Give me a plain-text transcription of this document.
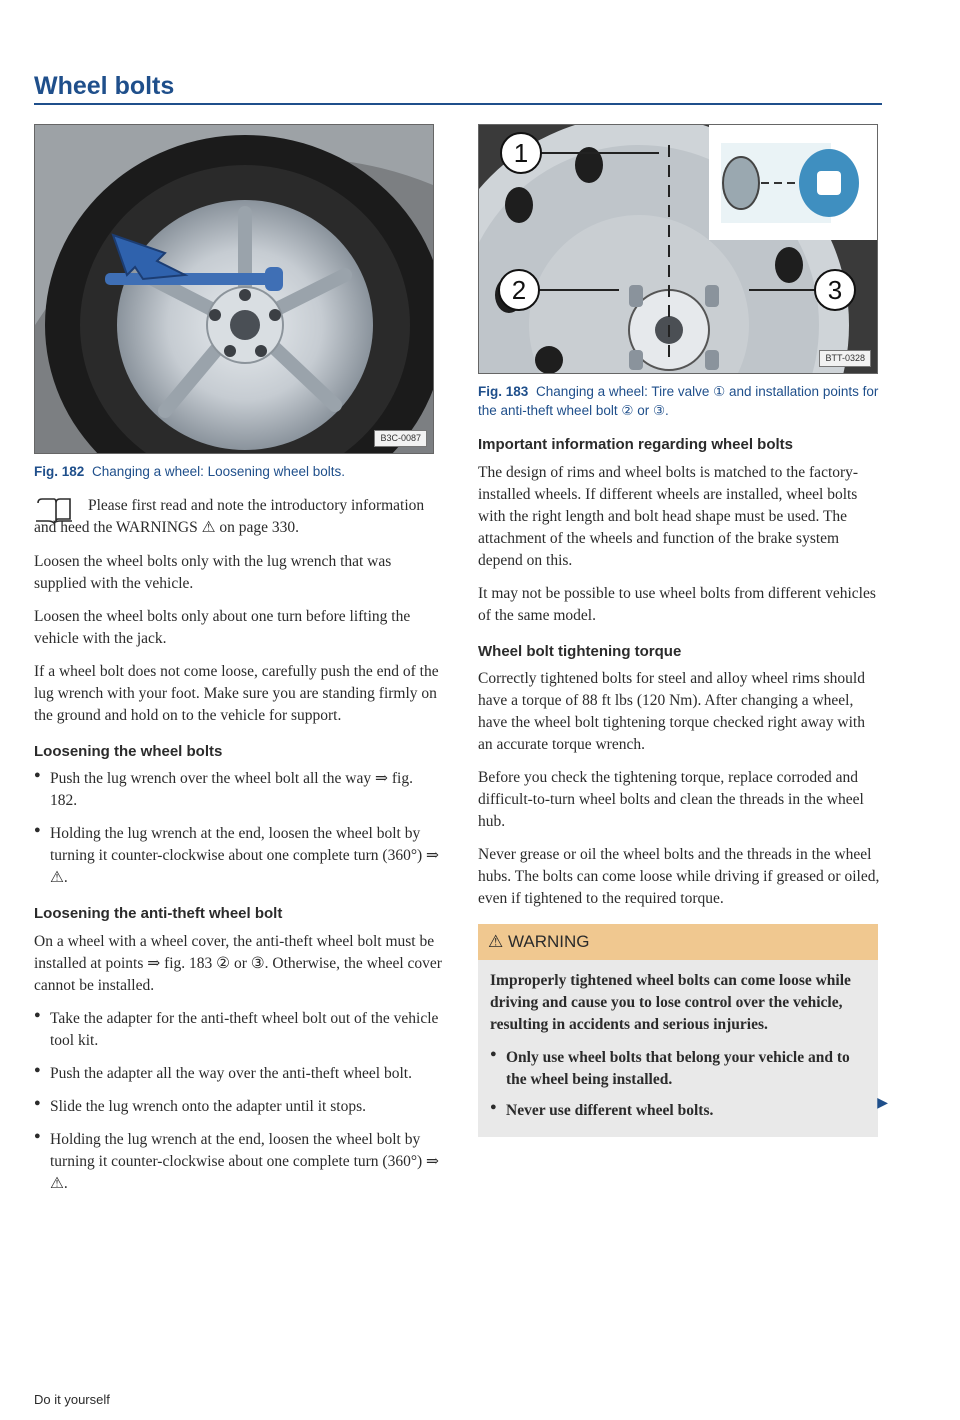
Wheel bolts
B3C-0087
Fig. 182 Changing a wheel: Loosening wheel bolts.
Please first read and note the introductory information and heed the WARNINGS ⚠ on page 330.

Loosen the wheel bolts only with the lug wrench that was supplied with the vehicle.

Loosen the wheel bolts only about one turn before lifting the vehicle with the jack.

If a wheel bolt does not come loose, carefully push the end of the lug wrench with your foot. Make sure you are standing firmly on the ground and hold on to the vehicle for support.

Loosening the wheel bolts
● Push the lug wrench over the wheel bolt all the way ⇒ fig. 182.
● Holding the lug wrench at the end, loosen the wheel bolt by turning it counter-clockwise about one complete turn (360°) ⇒ ⚠.
Loosening the anti-theft wheel bolt

On a wheel with a wheel cover, the anti-theft wheel bolt must be installed at points ⇒ fig. 183 ② or ③. Otherwise, the wheel cover cannot be installed.

● Take the adapter for the anti-theft wheel bolt out of the vehicle tool kit.
● Push the adapter all the way over the anti-theft wheel bolt.
● Slide the lug wrench onto the adapter until it stops.
● Holding the lug wrench at the end, loosen the wheel bolt by turning it counter-clockwise about one complete turn (360°) ⇒ ⚠.
1
2	3
BTT-0328
Fig. 183 Changing a wheel: Tire valve ① and installation points for the anti-theft wheel bolt ② or ③.
Important information regarding wheel bolts

The design of rims and wheel bolts is matched to the factory-installed wheels. If different wheels are installed, wheel bolts with the right length and bolt head shape must be used. The attachment of the wheels and function of the brake system depend on this.

It may not be possible to use wheel bolts from different vehicles of the same model.

Wheel bolt tightening torque

Correctly tightened bolts for steel and alloy wheel rims should have a torque of 88 ft lbs (120 Nm). After changing a wheel, have the wheel bolt tightening torque checked right away with an accurate torque wrench.

Before you check the tightening torque, replace corroded and difficult-to-turn wheel bolts and clean the threads in the wheel hub.

Never grease or oil the wheel bolts and the threads in the wheel hubs. The bolts can come loose while driving if greased or oiled, even if tightened to the required torque.

⚠ WARNING

Improperly tightened wheel bolts can come loose while driving and cause you to lose control over the vehicle, resulting in accidents and serious injuries.

● Only use wheel bolts that belong your vehicle and to the wheel being installed.
● Never use different wheel bolts.	▶
Do it yourself
